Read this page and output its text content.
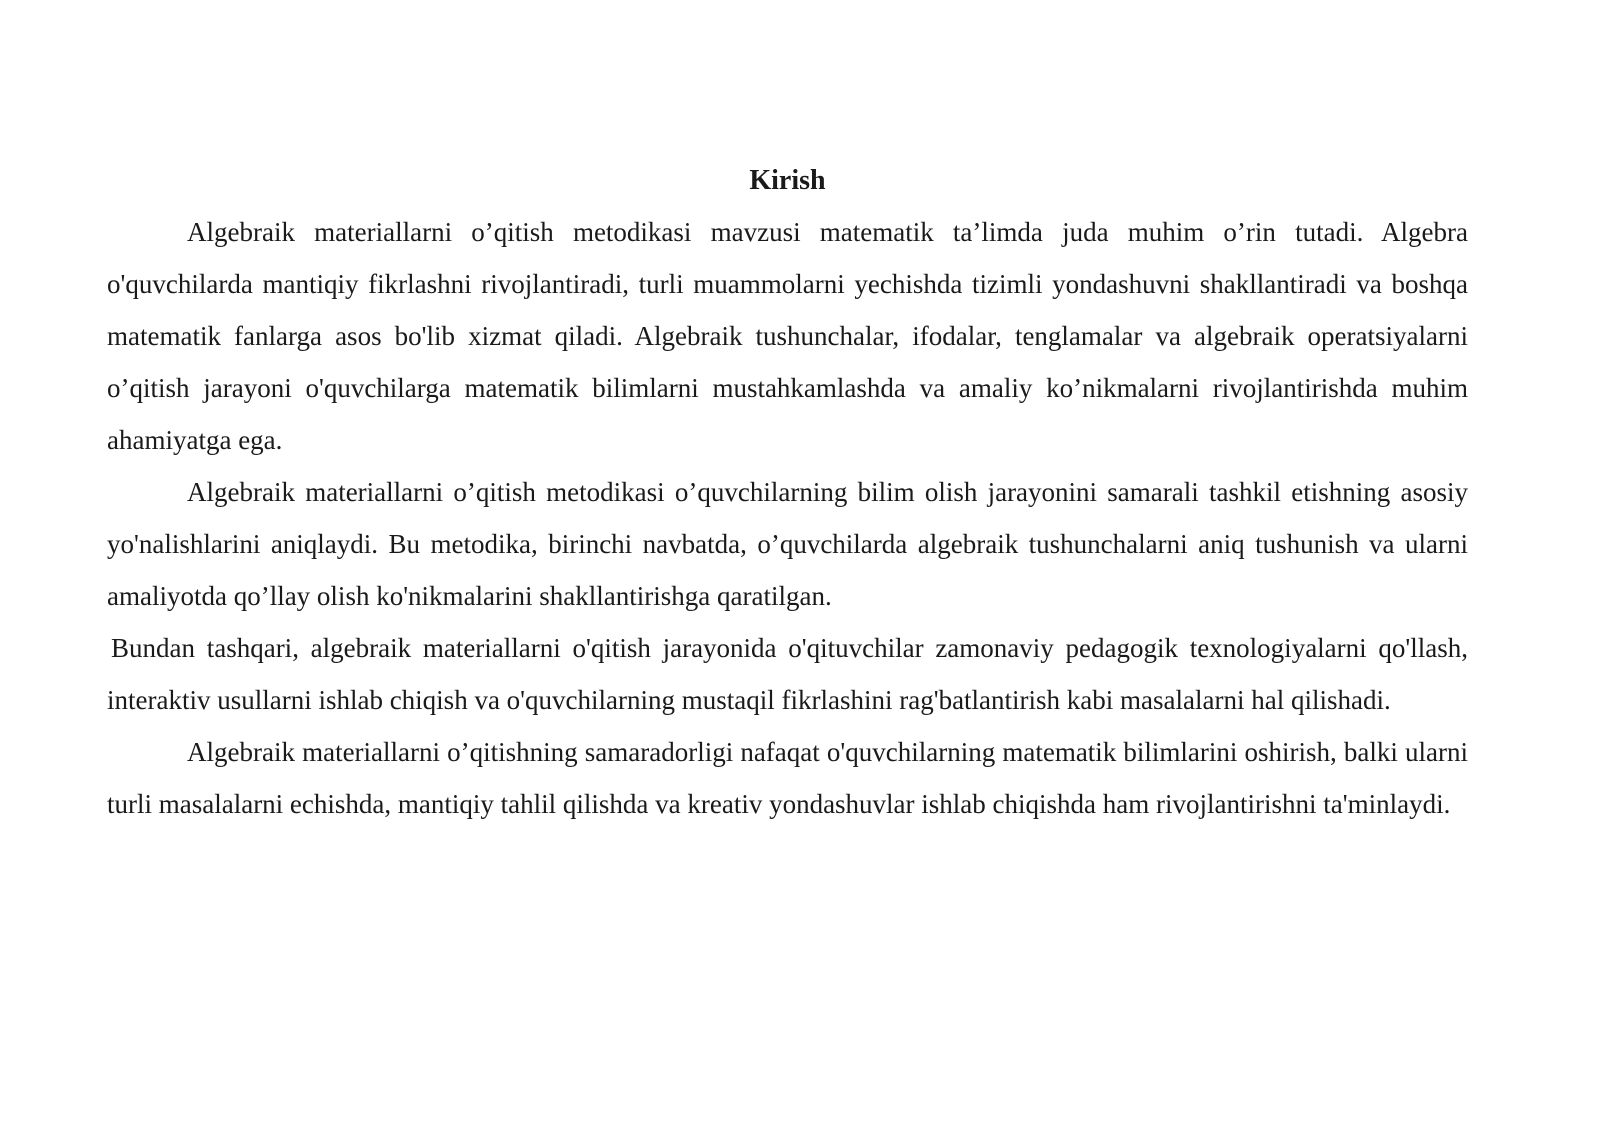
Kirish

Algebraik materiallarni o’qitish metodikasi mavzusi matematik ta’limda juda muhim o’rin tutadi. Algebra o'quvchilarda mantiqiy fikrlashni rivojlantiradi, turli muammolarni yechishda tizimli yondashuvni shakllantiradi va boshqa matematik fanlarga asos bo'lib xizmat qiladi. Algebraik tushunchalar, ifodalar, tenglamalar va algebraik operatsiyalarni o’qitish jarayoni o'quvchilarga matematik bilimlarni mustahkamlashda va amaliy ko’nikmalarni rivojlantirishda muhim ahamiyatga ega.

Algebraik materiallarni o’qitish metodikasi o’quvchilarning bilim olish jarayonini samarali tashkil etishning asosiy yo'nalishlarini aniqlaydi. Bu metodika, birinchi navbatda, o’quvchilarda algebraik tushunchalarni aniq tushunish va ularni amaliyotda qo’llay olish ko'nikmalarini shakllantirishga qaratilgan.

Bundan tashqari, algebraik materiallarni o'qitish jarayonida o'qituvchilar zamonaviy pedagogik texnologiyalarni qo'llash, interaktiv usullarni ishlab chiqish va o'quvchilarning mustaqil fikrlashini rag'batlantirish kabi masalalarni hal qilishadi.

Algebraik materiallarni o’qitishning samaradorligi nafaqat o'quvchilarning matematik bilimlarini oshirish, balki ularni turli masalalarni echishda, mantiqiy tahlil qilishda va kreativ yondashuvlar ishlab chiqishda ham rivojlantirishni ta'minlaydi.
